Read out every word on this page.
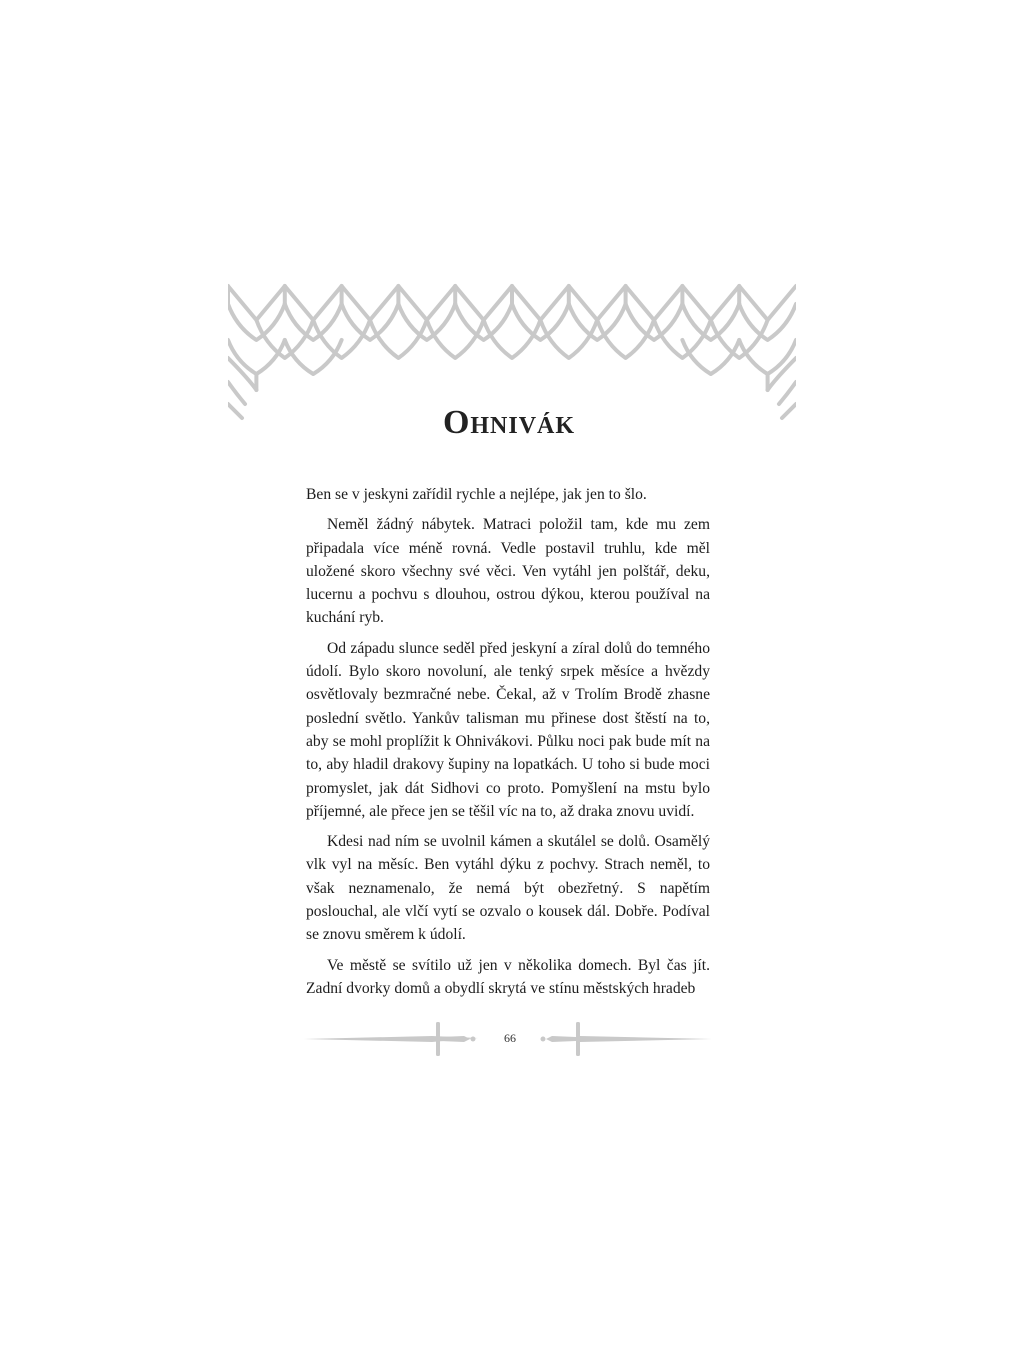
Ohnivák

Ben se v jeskyni zařídil rychle a nejlépe, jak jen to šlo.

Neměl žádný nábytek. Matraci položil tam, kde mu zem připadala více méně rovná. Vedle postavil truhlu, kde měl uložené skoro všechny své věci. Ven vytáhl jen polštář, deku, lucernu a pochvu s dlouhou, ostrou dýkou, kterou používal na kuchání ryb.

Od západu slunce seděl před jeskyní a zíral dolů do temného údolí. Bylo skoro novoluní, ale tenký srpek měsíce a hvězdy osvětlovaly bezmračné nebe. Čekal, až v Trolím Brodě zhasne poslední světlo. Yankův talisman mu přinese dost štěstí na to, aby se mohl proplížit k Ohnivákovi. Půlku noci pak bude mít na to, aby hladil drakovy šupiny na lopatkách. U toho si bude moci promyslet, jak dát Sidhovi co proto. Pomyšlení na mstu bylo příjemné, ale přece jen se těšil víc na to, až draka znovu uvidí.

Kdesi nad ním se uvolnil kámen a skutálel se dolů. Osamělý vlk vyl na měsíc. Ben vytáhl dýku z pochvy. Strach neměl, to však neznamenalo, že nemá být obezřetný. S napětím poslouchal, ale vlčí vytí se ozvalo o kousek dál. Dobře. Podíval se znovu směrem k údolí.

Ve městě se svítilo už jen v několika domech. Byl čas jít. Zadní dvorky domů a obydlí skrytá ve stínu městských hradeb

66
